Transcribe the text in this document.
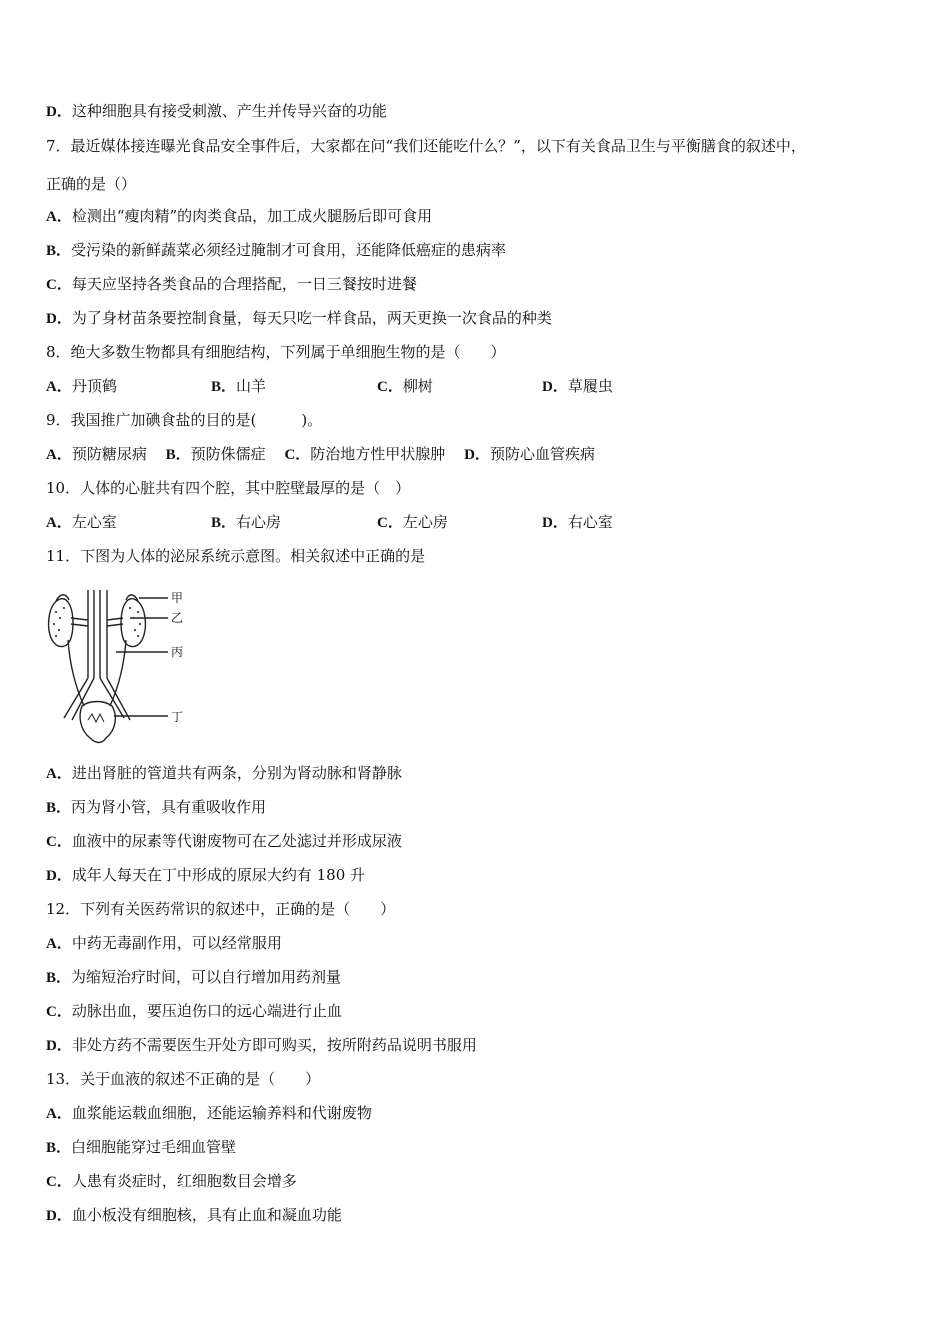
D．这种细胞具有接受刺激、产生并传导兴奋的功能
7．最近媒体接连曝光食品安全事件后，大家都在问“我们还能吃什么？”，以下有关食品卫生与平衡膳食的叙述中，
正确的是（）
A．检测出“瘦肉精”的肉类食品，加工成火腿肠后即可食用
B．受污染的新鲜蔬菜必须经过腌制才可食用，还能降低癌症的患病率
C．每天应坚持各类食品的合理搭配，一日三餐按时进餐
D．为了身材苗条要控制食量，每天只吃一样食品，两天更换一次食品的种类
8．绝大多数生物都具有细胞结构，下列属于单细胞生物的是（　　）
A．丹顶鹤	B．山羊	C．柳树	D．草履虫
9．我国推广加碘食盐的目的是(　　　)。
A．预防糖尿病 B．预防侏儒症 C．防治地方性甲状腺肿 D．预防心血管疾病
10．人体的心脏共有四个腔，其中腔壁最厚的是（　）
A．左心室	B．右心房	C．左心房	D．右心室
11．下图为人体的泌尿系统示意图。相关叙述中正确的是
甲
乙
丙
丁
A．进出肾脏的管道共有两条，分别为肾动脉和肾静脉
B．丙为肾小管，具有重吸收作用
C．血液中的尿素等代谢废物可在乙处滤过并形成尿液
D．成年人每天在丁中形成的原尿大约有 180 升
12．下列有关医药常识的叙述中，正确的是（　　）
A．中药无毒副作用，可以经常服用
B．为缩短治疗时间，可以自行增加用药剂量
C．动脉出血，要压迫伤口的远心端进行止血
D．非处方药不需要医生开处方即可购买，按所附药品说明书服用
13．关于血液的叙述不正确的是（　　）
A．血浆能运载血细胞，还能运输养料和代谢废物
B．白细胞能穿过毛细血管壁
C．人患有炎症时，红细胞数目会增多
D．血小板没有细胞核，具有止血和凝血功能
